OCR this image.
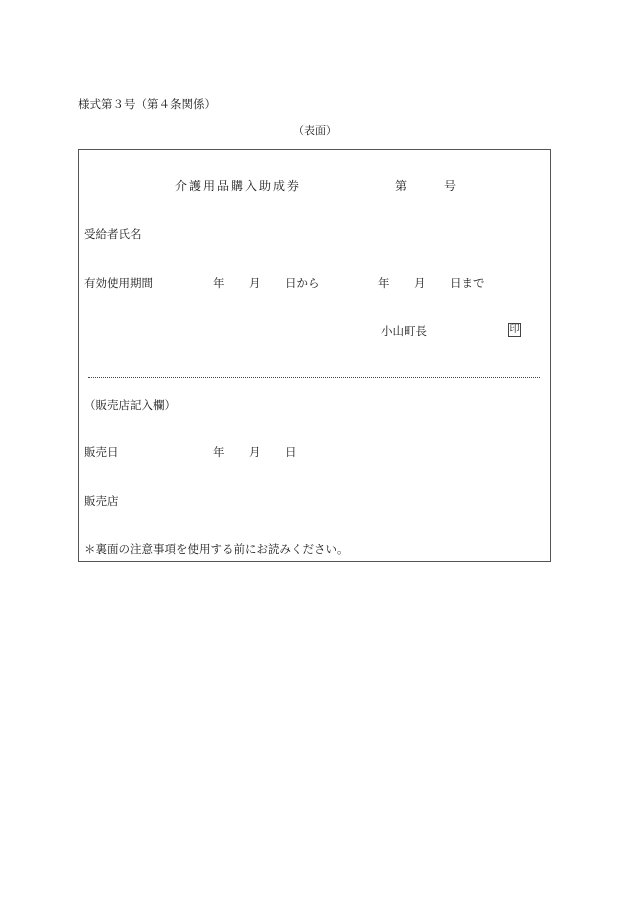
様式第３号（第４条関係）
（表面）
介護用品購入助成券	第	号
受給者氏名
有効使用期間	年 月 日から	年 月 日まで
小山町長	印
（販売店記入欄）
販売日	年 月 日
販売店
＊裏面の注意事項を使用する前にお読みください。
